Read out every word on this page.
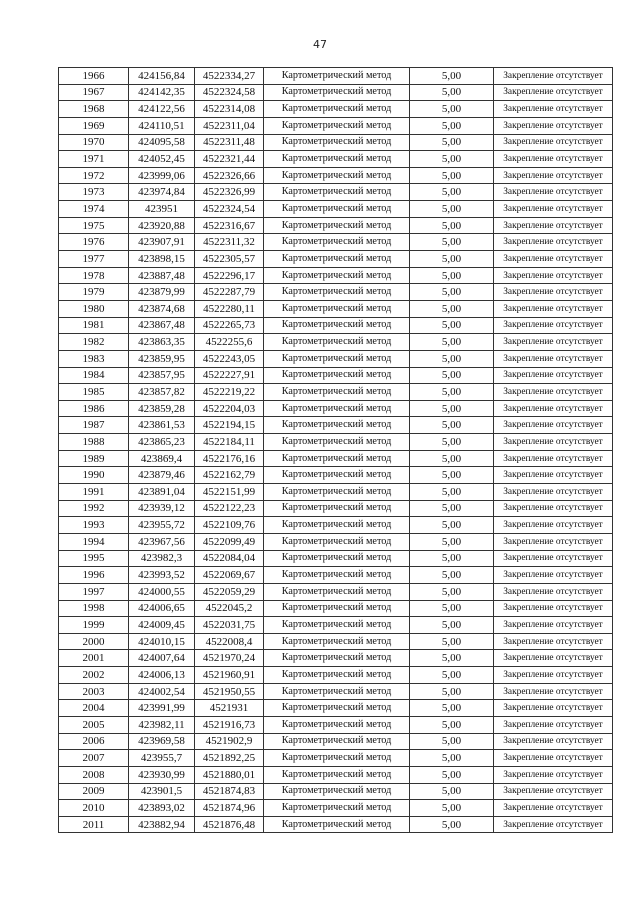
47
1966	424156,84	4522334,27	Картометрический метод	5,00	Закрепление отсутствует
1967	424142,35	4522324,58	Картометрический метод	5,00	Закрепление отсутствует
1968	424122,56	4522314,08	Картометрический метод	5,00	Закрепление отсутствует
1969	424110,51	4522311,04	Картометрический метод	5,00	Закрепление отсутствует
1970	424095,58	4522311,48	Картометрический метод	5,00	Закрепление отсутствует
1971	424052,45	4522321,44	Картометрический метод	5,00	Закрепление отсутствует
1972	423999,06	4522326,66	Картометрический метод	5,00	Закрепление отсутствует
1973	423974,84	4522326,99	Картометрический метод	5,00	Закрепление отсутствует
1974	423951	4522324,54	Картометрический метод	5,00	Закрепление отсутствует
1975	423920,88	4522316,67	Картометрический метод	5,00	Закрепление отсутствует
1976	423907,91	4522311,32	Картометрический метод	5,00	Закрепление отсутствует
1977	423898,15	4522305,57	Картометрический метод	5,00	Закрепление отсутствует
1978	423887,48	4522296,17	Картометрический метод	5,00	Закрепление отсутствует
1979	423879,99	4522287,79	Картометрический метод	5,00	Закрепление отсутствует
1980	423874,68	4522280,11	Картометрический метод	5,00	Закрепление отсутствует
1981	423867,48	4522265,73	Картометрический метод	5,00	Закрепление отсутствует
1982	423863,35	4522255,6	Картометрический метод	5,00	Закрепление отсутствует
1983	423859,95	4522243,05	Картометрический метод	5,00	Закрепление отсутствует
1984	423857,95	4522227,91	Картометрический метод	5,00	Закрепление отсутствует
1985	423857,82	4522219,22	Картометрический метод	5,00	Закрепление отсутствует
1986	423859,28	4522204,03	Картометрический метод	5,00	Закрепление отсутствует
1987	423861,53	4522194,15	Картометрический метод	5,00	Закрепление отсутствует
1988	423865,23	4522184,11	Картометрический метод	5,00	Закрепление отсутствует
1989	423869,4	4522176,16	Картометрический метод	5,00	Закрепление отсутствует
1990	423879,46	4522162,79	Картометрический метод	5,00	Закрепление отсутствует
1991	423891,04	4522151,99	Картометрический метод	5,00	Закрепление отсутствует
1992	423939,12	4522122,23	Картометрический метод	5,00	Закрепление отсутствует
1993	423955,72	4522109,76	Картометрический метод	5,00	Закрепление отсутствует
1994	423967,56	4522099,49	Картометрический метод	5,00	Закрепление отсутствует
1995	423982,3	4522084,04	Картометрический метод	5,00	Закрепление отсутствует
1996	423993,52	4522069,67	Картометрический метод	5,00	Закрепление отсутствует
1997	424000,55	4522059,29	Картометрический метод	5,00	Закрепление отсутствует
1998	424006,65	4522045,2	Картометрический метод	5,00	Закрепление отсутствует
1999	424009,45	4522031,75	Картометрический метод	5,00	Закрепление отсутствует
2000	424010,15	4522008,4	Картометрический метод	5,00	Закрепление отсутствует
2001	424007,64	4521970,24	Картометрический метод	5,00	Закрепление отсутствует
2002	424006,13	4521960,91	Картометрический метод	5,00	Закрепление отсутствует
2003	424002,54	4521950,55	Картометрический метод	5,00	Закрепление отсутствует
2004	423991,99	4521931	Картометрический метод	5,00	Закрепление отсутствует
2005	423982,11	4521916,73	Картометрический метод	5,00	Закрепление отсутствует
2006	423969,58	4521902,9	Картометрический метод	5,00	Закрепление отсутствует
2007	423955,7	4521892,25	Картометрический метод	5,00	Закрепление отсутствует
2008	423930,99	4521880,01	Картометрический метод	5,00	Закрепление отсутствует
2009	423901,5	4521874,83	Картометрический метод	5,00	Закрепление отсутствует
2010	423893,02	4521874,96	Картометрический метод	5,00	Закрепление отсутствует
2011	423882,94	4521876,48	Картометрический метод	5,00	Закрепление отсутствует
